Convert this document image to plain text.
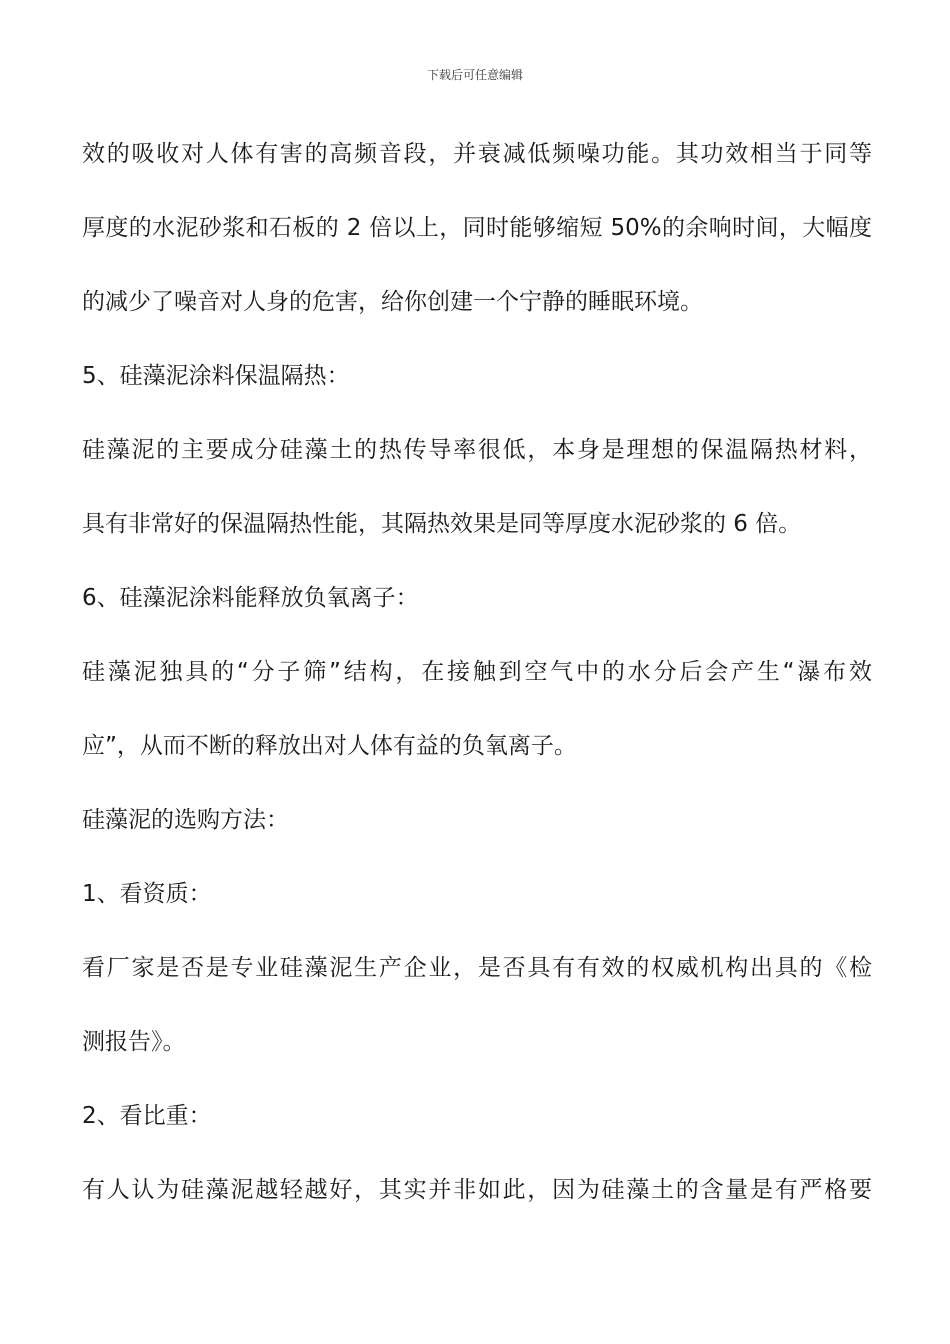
下载后可任意编辑
效的吸收对人体有害的高频音段，并衰减低频噪功能。其功效相当于同等
厚度的水泥砂浆和石板的 2 倍以上，同时能够缩短 50%的余响时间，大幅度
的减少了噪音对人身的危害，给你创建一个宁静的睡眠环境。
5、硅藻泥涂料保温隔热：
硅藻泥的主要成分硅藻土的热传导率很低，本身是理想的保温隔热材料，
具有非常好的保温隔热性能，其隔热效果是同等厚度水泥砂浆的 6 倍。
6、硅藻泥涂料能释放负氧离子：
硅藻泥独具的“分子筛”结构，在接触到空气中的水分后会产生“瀑布效
应”，从而不断的释放出对人体有益的负氧离子。
硅藻泥的选购方法：
1、看资质：
看厂家是否是专业硅藻泥生产企业，是否具有有效的权威机构出具的《检
测报告》。
2、看比重：
有人认为硅藻泥越轻越好，其实并非如此，因为硅藻土的含量是有严格要
